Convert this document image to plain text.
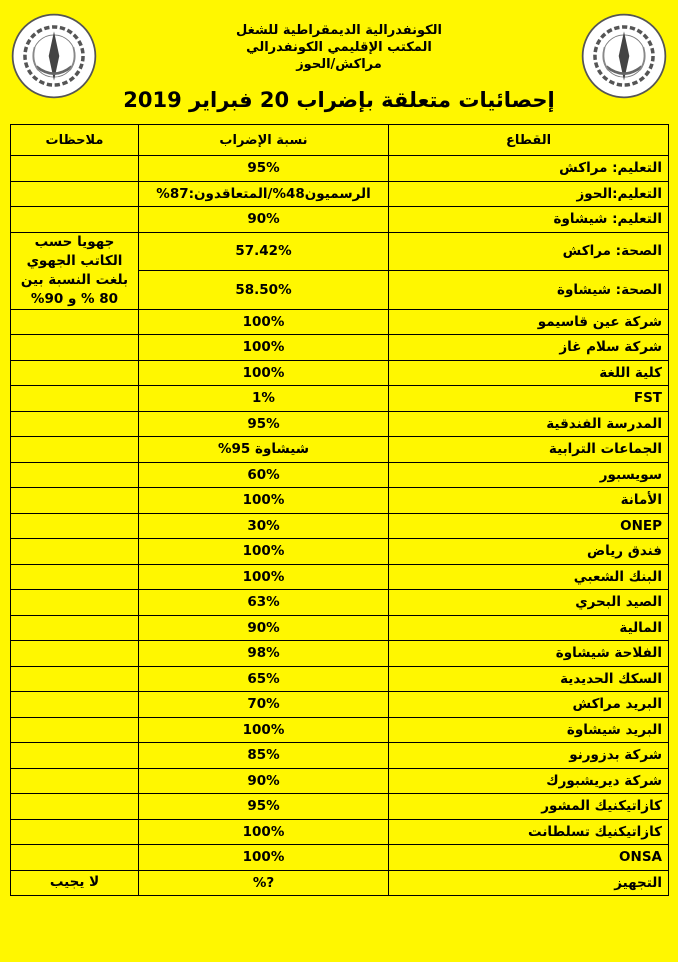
الكونفدرالية الديمقراطية للشغل
المكتب الإقليمي الكونفدرالي
مراكش/الحوز
إحصائيات متعلقة بإضراب 20 فبراير 2019
القطاع	نسبة الإضراب	ملاحظات
التعليم: مراكش	95%	
التعليم:الحوز	الرسميون48%/المتعاقدون:87%	
التعليم: شيشاوة	90%	
الصحة: مراكش	57.42%	جهويا حسب الكاتب الجهوي بلغت النسبة بين 80 % و 90%
الصحة: شيشاوة	58.50%	
شركة عين قاسيمو	100%	
شركة سلام غاز	100%	
كلية اللغة	100%	
FST	1%	
المدرسة الفندقية	95%	
الجماعات الترابية	شيشاوة 95%	
سويسبور	60%	
الأمانة	100%	
ONEP	30%	
فندق رياض	100%	
البنك الشعبي	100%	
الصيد البحري	63%	
المالية	90%	
الفلاحة شيشاوة	98%	
السكك الحديدية	65%	
البريد مراكش	70%	
البريد شيشاوة	100%	
شركة بدزورنو	85%	
شركة ديريشبورك	90%	
كازاتيكنيك المشور	95%	
كازاتيكنيك تسلطانت	100%	
ONSA	100%	
التجهيز	?%	لا يجيب
